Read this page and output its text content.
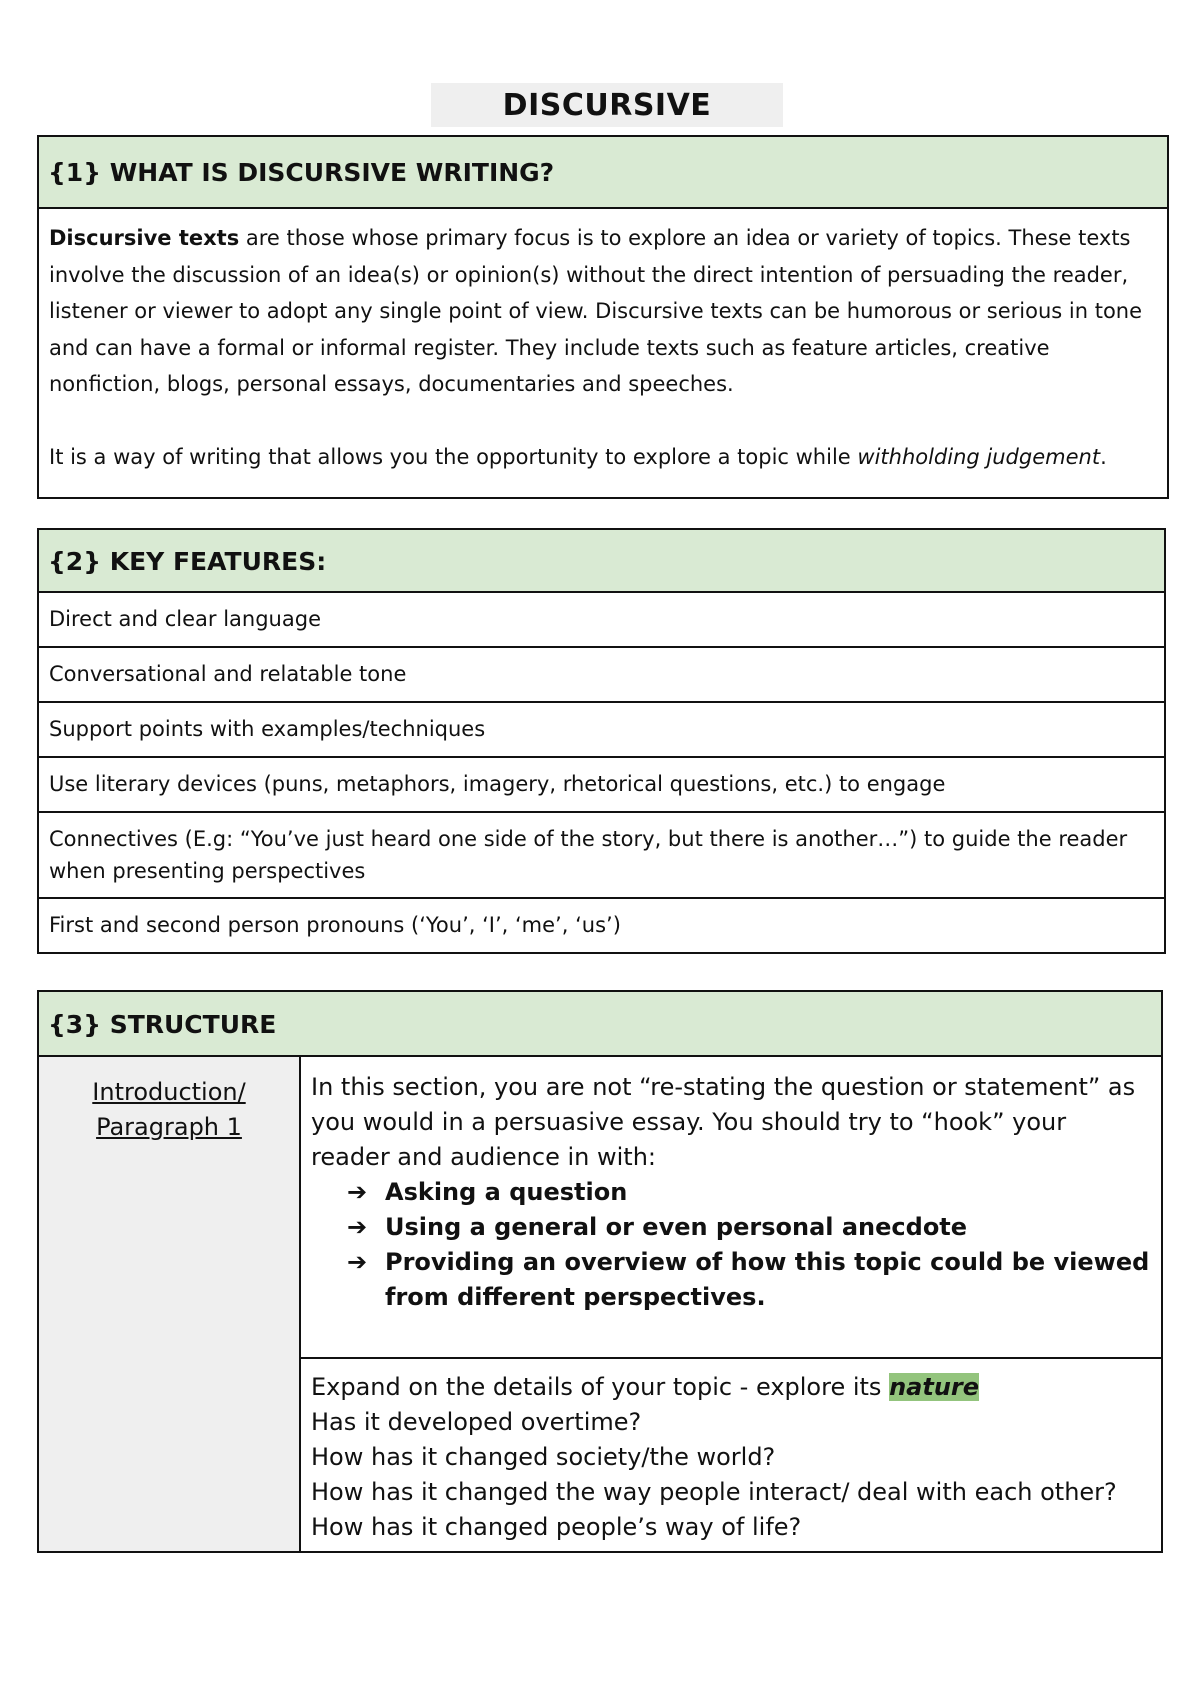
DISCURSIVE
{1} WHAT IS DISCURSIVE WRITING?

Discursive texts are those whose primary focus is to explore an idea or variety of topics. These texts involve the discussion of an idea(s) or opinion(s) without the direct intention of persuading the reader, listener or viewer to adopt any single point of view. Discursive texts can be humorous or serious in tone and can have a formal or informal register. They include texts such as feature articles, creative nonfiction, blogs, personal essays, documentaries and speeches.

It is a way of writing that allows you the opportunity to explore a topic while withholding judgement.

{2} KEY FEATURES:
Direct and clear language
Conversational and relatable tone
Support points with examples/techniques
Use literary devices (puns, metaphors, imagery, rhetorical questions, etc.) to engage
Connectives (E.g: “You’ve just heard one side of the story, but there is another…”) to guide the reader when presenting perspectives
First and second person pronouns (‘You’, ‘I’, ‘me’, ‘us’)
{3} STRUCTURE
Introduction/
Paragraph 1
In this section, you are not “re-stating the question or statement” as you would in a persuasive essay. You should try to “hook” your reader and audience in with:
➔ Asking a question
➔ Using a general or even personal anecdote
➔ Providing an overview of how this topic could be viewed from different perspectives.
Expand on the details of your topic - explore its nature
Has it developed overtime?
How has it changed society/the world?
How has it changed the way people interact/ deal with each other?
How has it changed people’s way of life?
